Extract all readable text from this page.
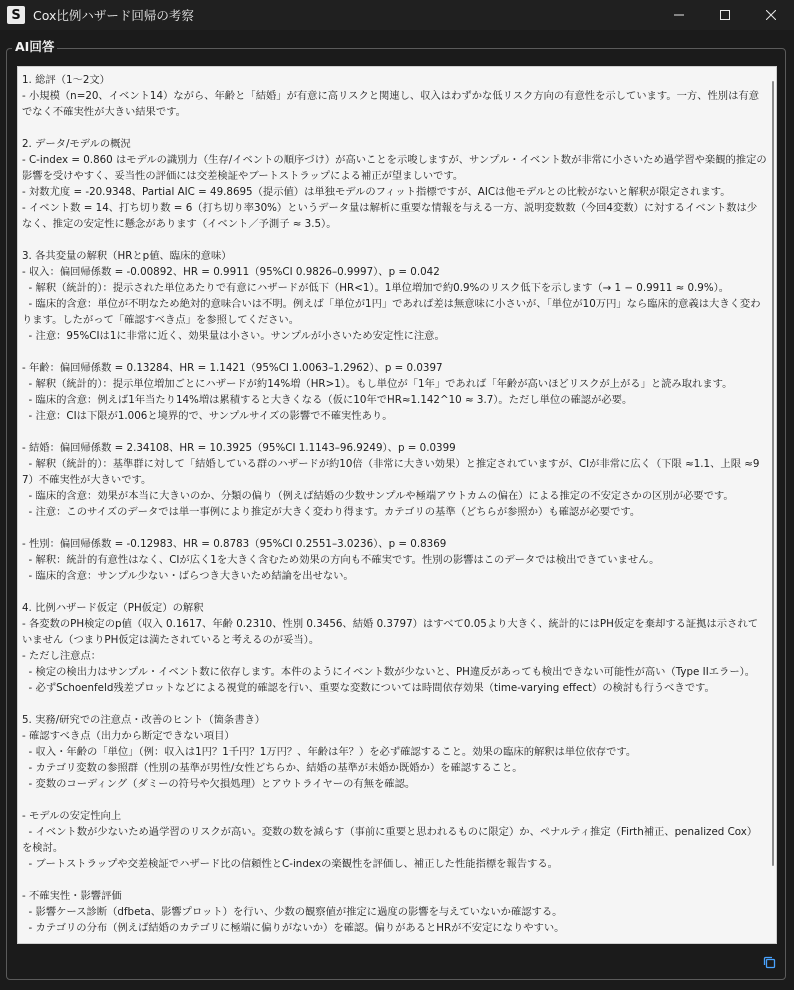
S Cox比例ハザード回帰の考察
AI回答
1. 総評（1〜2文）
- 小規模（n=20、イベント14）ながら、年齢と「結婚」が有意に高リスクと関連し、収入はわずかな低リスク方向の有意性を示しています。一方、性別は有意でなく不確実性が大きい結果です。

2. データ/モデルの概況
- C-index = 0.860 はモデルの識別力（生存/イベントの順序づけ）が高いことを示唆しますが、サンプル・イベント数が非常に小さいため過学習や楽観的推定の影響を受けやすく、妥当性の評価には交差検証やブートストラップによる補正が望ましいです。
- 対数尤度 = -20.9348、Partial AIC = 49.8695（提示値）は単独モデルのフィット指標ですが、AICは他モデルとの比較がないと解釈が限定されます。
- イベント数 = 14、打ち切り数 = 6（打ち切り率30%）というデータ量は解析に重要な情報を与える一方、説明変数数（今回4変数）に対するイベント数は少なく、推定の安定性に懸念があります（イベント／予測子 ≈ 3.5）。

3. 各共変量の解釈（HRとp値、臨床的意味）
- 収入：偏回帰係数 = -0.00892、HR = 0.9911（95%CI 0.9826–0.9997）、p = 0.042
- 解釈（統計的）：提示された単位あたりで有意にハザードが低下（HR<1）。1単位増加で約0.9%のリスク低下を示します（→ 1 − 0.9911 ≈ 0.9%）。
- 臨床的含意：単位が不明なため絶対的意味合いは不明。例えば「単位が1円」であれば差は無意味に小さいが、「単位が10万円」なら臨床的意義は大きく変わります。したがって「確認すべき点」を参照してください。
- 注意：95%CIは1に非常に近く、効果量は小さい。サンプルが小さいため安定性に注意。

- 年齢：偏回帰係数 = 0.13284、HR = 1.1421（95%CI 1.0063–1.2962）、p = 0.0397
- 解釈（統計的）：提示単位増加ごとにハザードが約14%増（HR>1）。もし単位が「1年」であれば「年齢が高いほどリスクが上がる」と読み取れます。
- 臨床的含意：例えば1年当たり14%増は累積すると大きくなる（仮に10年でHR≈1.142^10 ≈ 3.7）。ただし単位の確認が必要。
- 注意：CIは下限が1.006と境界的で、サンプルサイズの影響で不確実性あり。

- 結婚：偏回帰係数 = 2.34108、HR = 10.3925（95%CI 1.1143–96.9249）、p = 0.0399
- 解釈（統計的）：基準群に対して「結婚している群のハザードが約10倍（非常に大きい効果）と推定されていますが、CIが非常に広く（下限 ≈1.1、上限 ≈97）不確実性が大きいです。
- 臨床的含意：効果が本当に大きいのか、分類の偏り（例えば結婚の少数サンプルや極端アウトカムの偏在）による推定の不安定さかの区別が必要です。
- 注意：このサイズのデータでは単一事例により推定が大きく変わり得ます。カテゴリの基準（どちらが参照か）も確認が必要です。

- 性別：偏回帰係数 = -0.12983、HR = 0.8783（95%CI 0.2551–3.0236）、p = 0.8369
- 解釈：統計的有意性はなく、CIが広く1を大きく含むため効果の方向も不確実です。性別の影響はこのデータでは検出できていません。
- 臨床的含意：サンプル少ない・ばらつき大きいため結論を出せない。

4. 比例ハザード仮定（PH仮定）の解釈
- 各変数のPH検定のp値（収入 0.1617、年齢 0.2310、性別 0.3456、結婚 0.3797）はすべて0.05より大きく、統計的にはPH仮定を棄却する証拠は示されていません（つまりPH仮定は満たされていると考えるのが妥当）。
- ただし注意点：
- 検定の検出力はサンプル・イベント数に依存します。本件のようにイベント数が少ないと、PH違反があっても検出できない可能性が高い（Type IIエラー）。
- 必ずSchoenfeld残差プロットなどによる視覚的確認を行い、重要な変数については時間依存効果（time-varying effect）の検討も行うべきです。

5. 実務/研究での注意点・改善のヒント（箇条書き）
- 確認すべき点（出力から断定できない項目）
- 収入・年齢の「単位」（例：収入は1円？1千円？1万円？、年齢は年？）を必ず確認すること。効果の臨床的解釈は単位依存です。
- カテゴリ変数の参照群（性別の基準が男性/女性どちらか、結婚の基準が未婚か既婚か）を確認すること。
- 変数のコーディング（ダミーの符号や欠損処理）とアウトライヤーの有無を確認。

- モデルの安定性向上
- イベント数が少ないため過学習のリスクが高い。変数の数を減らす（事前に重要と思われるものに限定）か、ペナルティ推定（Firth補正、penalized Cox）を検討。
- ブートストラップや交差検証でハザード比の信頼性とC-indexの楽観性を評価し、補正した性能指標を報告する。

- 不確実性・影響評価
- 影響ケース診断（dfbeta、影響プロット）を行い、少数の観察値が推定に過度の影響を与えていないか確認する。
- カテゴリの分布（例えば結婚のカテゴリに極端に偏りがないか）を確認。偏りがあるとHRが不安定になりやすい。
